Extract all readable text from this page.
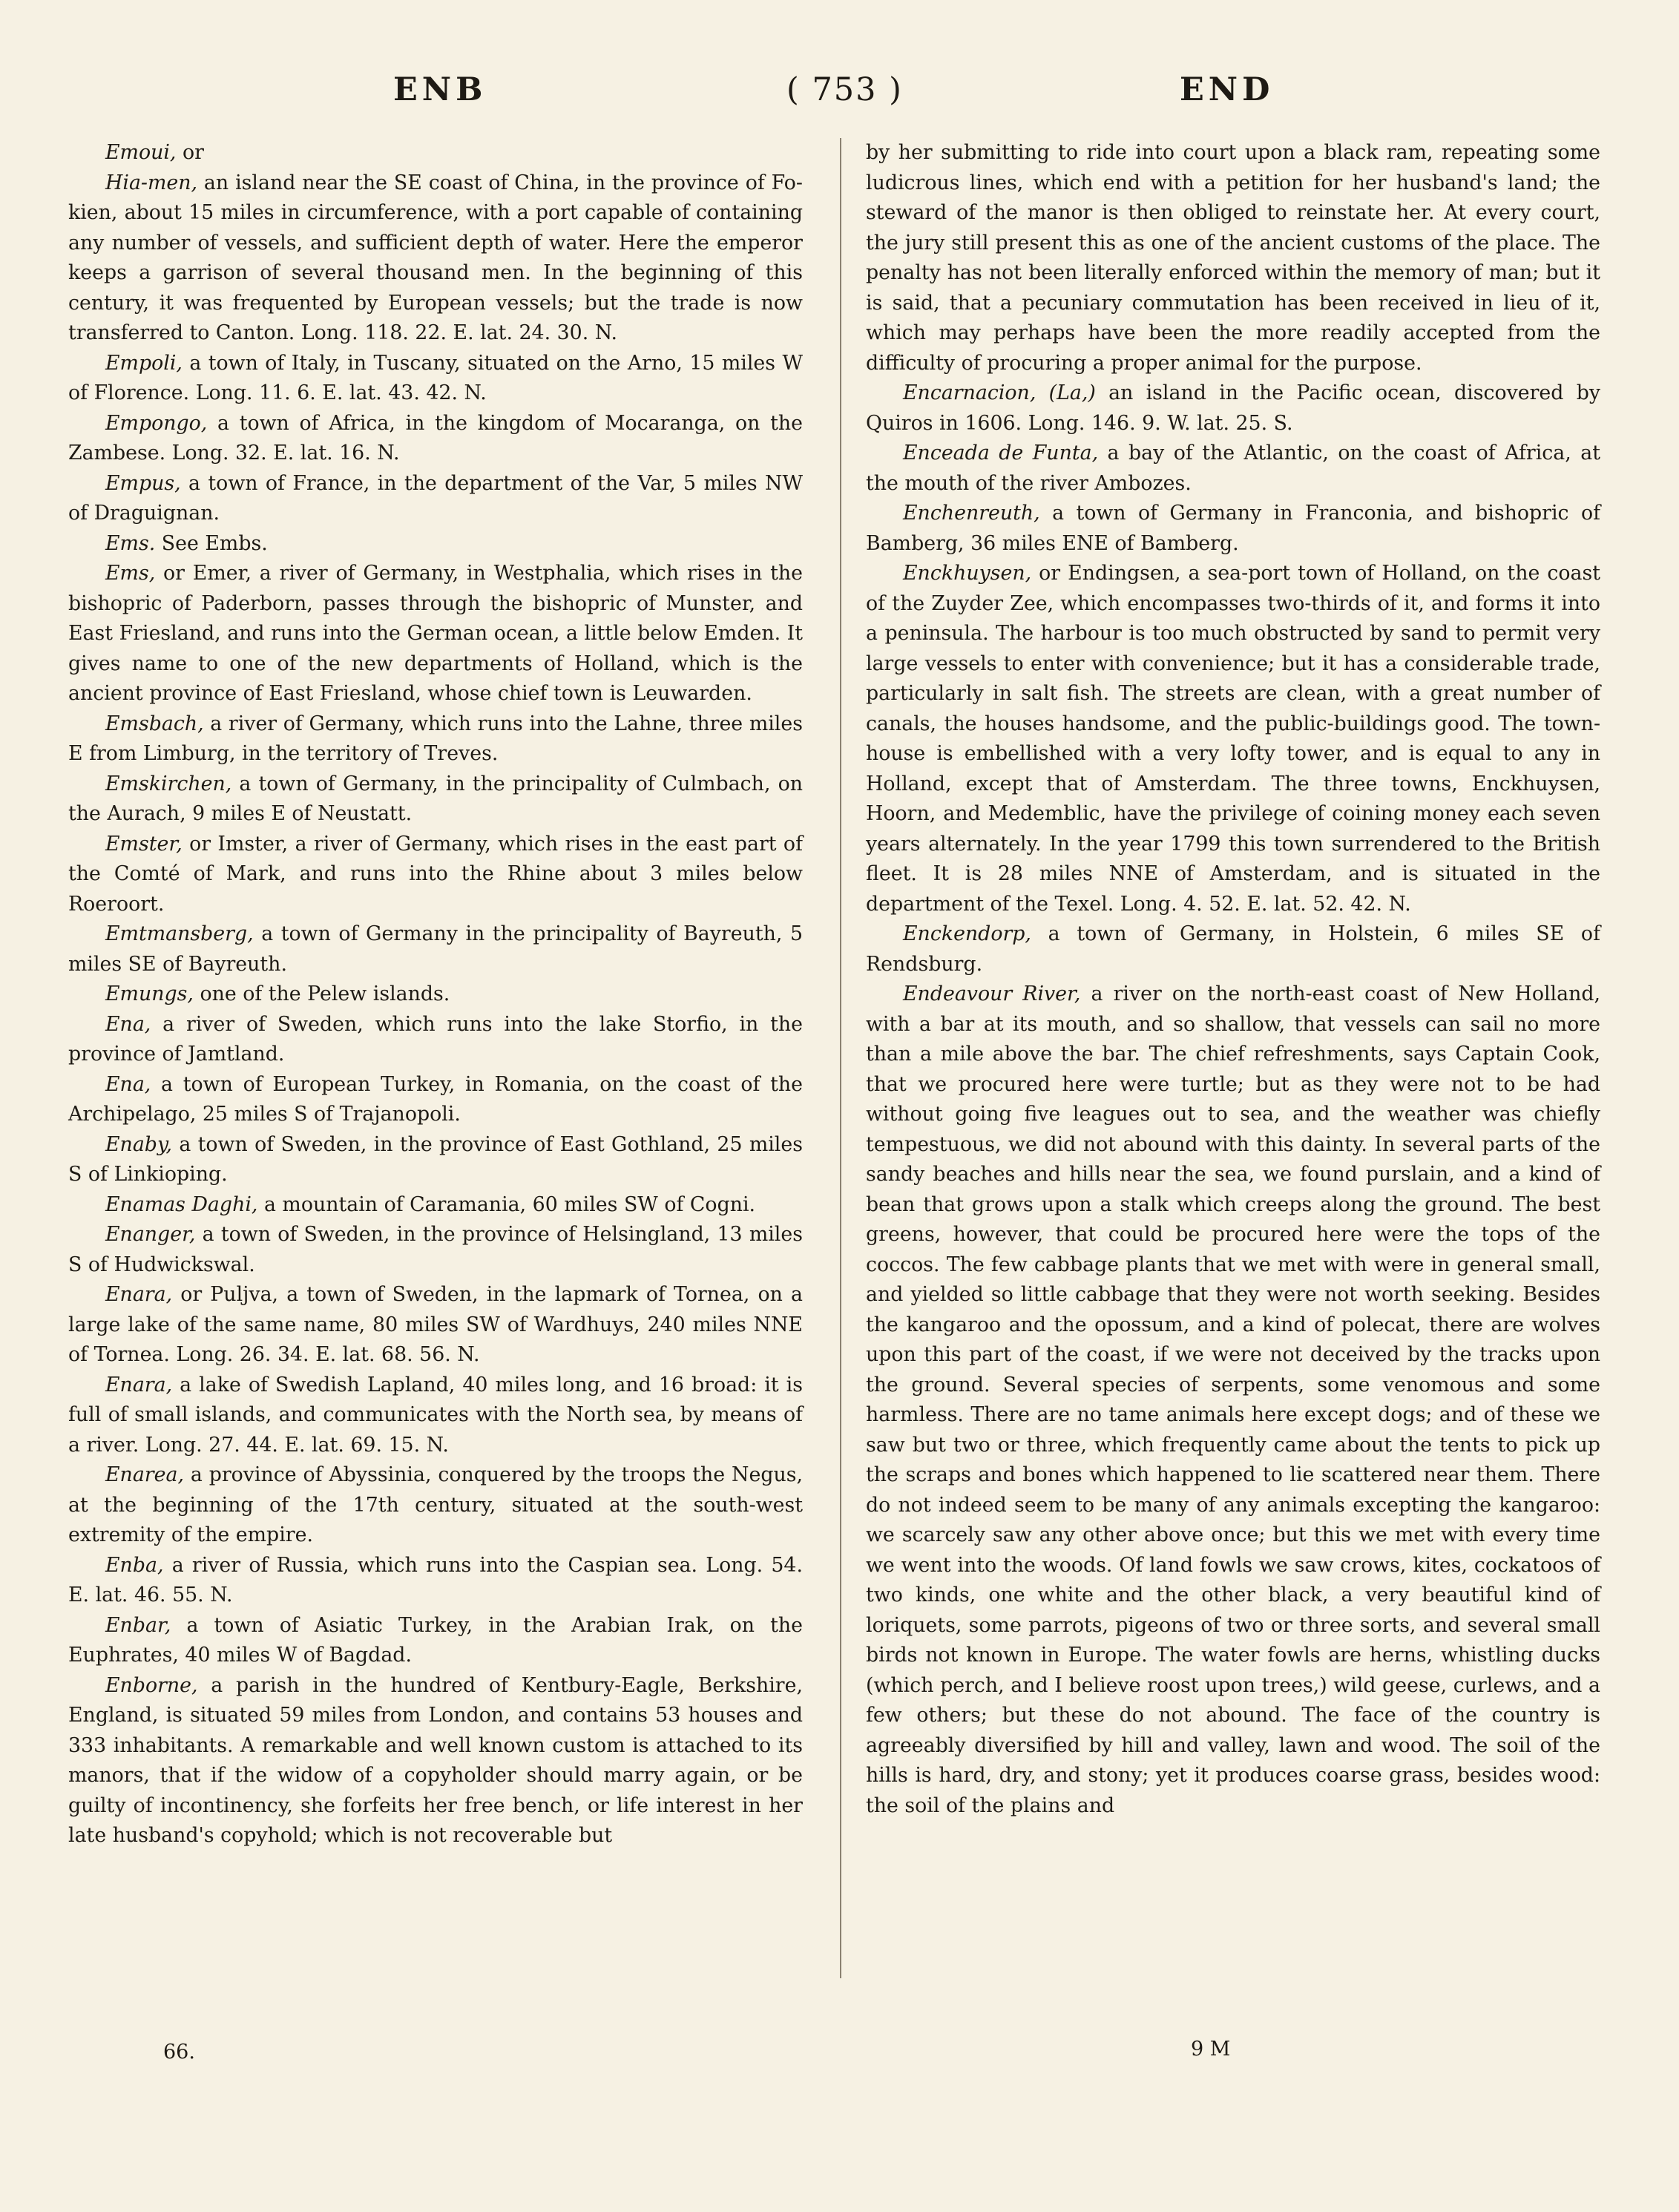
ENB	( 753 )	END

Emoui, or

Hia-men, an island near the SE coast of China, in the province of Fo-kien, about 15 miles in circumference, with a port capable of containing any number of vessels, and sufficient depth of water. Here the emperor keeps a garrison of several thousand men. In the beginning of this century, it was frequented by European vessels; but the trade is now transferred to Canton. Long. 118. 22. E. lat. 24. 30. N.

Empoli, a town of Italy, in Tuscany, situated on the Arno, 15 miles W of Florence. Long. 11. 6. E. lat. 43. 42. N.

Empongo, a town of Africa, in the kingdom of Mocaranga, on the Zambese. Long. 32. E. lat. 16. N.

Empus, a town of France, in the department of the Var, 5 miles NW of Draguignan.

Ems. See Embs.

Ems, or Emer, a river of Germany, in Westphalia, which rises in the bishopric of Paderborn, passes through the bishopric of Munster, and East Friesland, and runs into the German ocean, a little below Emden. It gives name to one of the new departments of Holland, which is the ancient province of East Friesland, whose chief town is Leuwarden.

Emsbach, a river of Germany, which runs into the Lahne, three miles E from Limburg, in the territory of Treves.

Emskirchen, a town of Germany, in the principality of Culmbach, on the Aurach, 9 miles E of Neustatt.

Emster, or Imster, a river of Germany, which rises in the east part of the Comté of Mark, and runs into the Rhine about 3 miles below Roeroort.

Emtmansberg, a town of Germany in the principality of Bayreuth, 5 miles SE of Bayreuth.

Emungs, one of the Pelew islands.

Ena, a river of Sweden, which runs into the lake Storfio, in the province of Jamtland.

Ena, a town of European Turkey, in Romania, on the coast of the Archipelago, 25 miles S of Trajanopoli.

Enaby, a town of Sweden, in the province of East Gothland, 25 miles S of Linkioping.

Enamas Daghi, a mountain of Caramania, 60 miles SW of Cogni.

Enanger, a town of Sweden, in the province of Helsingland, 13 miles S of Hudwickswal.

Enara, or Puljva, a town of Sweden, in the lapmark of Tornea, on a large lake of the same name, 80 miles SW of Wardhuys, 240 miles NNE of Tornea. Long. 26. 34. E. lat. 68. 56. N.

Enara, a lake of Swedish Lapland, 40 miles long, and 16 broad: it is full of small islands, and communicates with the North sea, by means of a river. Long. 27. 44. E. lat. 69. 15. N.

Enarea, a province of Abyssinia, conquered by the troops the Negus, at the beginning of the 17th century, situated at the south-west extremity of the empire.

Enba, a river of Russia, which runs into the Caspian sea. Long. 54. E. lat. 46. 55. N.

Enbar, a town of Asiatic Turkey, in the Arabian Irak, on the Euphrates, 40 miles W of Bagdad.

Enborne, a parish in the hundred of Kentbury-Eagle, Berkshire, England, is situated 59 miles from London, and contains 53 houses and 333 inhabitants. A remarkable and well known custom is attached to its manors, that if the widow of a copyholder should marry again, or be guilty of incontinency, she forfeits her free bench, or life interest in her late husband's copyhold; which is not recoverable but

by her submitting to ride into court upon a black ram, repeating some ludicrous lines, which end with a petition for her husband's land; the steward of the manor is then obliged to reinstate her. At every court, the jury still present this as one of the ancient customs of the place. The penalty has not been literally enforced within the memory of man; but it is said, that a pecuniary commutation has been received in lieu of it, which may perhaps have been the more readily accepted from the difficulty of procuring a proper animal for the purpose.

Encarnacion, (La,) an island in the Pacific ocean, discovered by Quiros in 1606. Long. 146. 9. W. lat. 25. S.

Enceada de Funta, a bay of the Atlantic, on the coast of Africa, at the mouth of the river Ambozes.

Enchenreuth, a town of Germany in Franconia, and bishopric of Bamberg, 36 miles ENE of Bamberg.

Enckhuysen, or Endingsen, a sea-port town of Holland, on the coast of the Zuyder Zee, which encompasses two-thirds of it, and forms it into a peninsula. The harbour is too much obstructed by sand to permit very large vessels to enter with convenience; but it has a considerable trade, particularly in salt fish. The streets are clean, with a great number of canals, the houses handsome, and the public-buildings good. The town-house is embellished with a very lofty tower, and is equal to any in Holland, except that of Amsterdam. The three towns, Enckhuysen, Hoorn, and Medemblic, have the privilege of coining money each seven years alternately. In the year 1799 this town surrendered to the British fleet. It is 28 miles NNE of Amsterdam, and is situated in the department of the Texel. Long. 4. 52. E. lat. 52. 42. N.

Enckendorp, a town of Germany, in Holstein, 6 miles SE of Rendsburg.

Endeavour River, a river on the north-east coast of New Holland, with a bar at its mouth, and so shallow, that vessels can sail no more than a mile above the bar. The chief refreshments, says Captain Cook, that we procured here were turtle; but as they were not to be had without going five leagues out to sea, and the weather was chiefly tempestuous, we did not abound with this dainty. In several parts of the sandy beaches and hills near the sea, we found purslain, and a kind of bean that grows upon a stalk which creeps along the ground. The best greens, however, that could be procured here were the tops of the coccos. The few cabbage plants that we met with were in general small, and yielded so little cabbage that they were not worth seeking. Besides the kangaroo and the opossum, and a kind of polecat, there are wolves upon this part of the coast, if we were not deceived by the tracks upon the ground. Several species of serpents, some venomous and some harmless. There are no tame animals here except dogs; and of these we saw but two or three, which frequently came about the tents to pick up the scraps and bones which happened to lie scattered near them. There do not indeed seem to be many of any animals excepting the kangaroo: we scarcely saw any other above once; but this we met with every time we went into the woods. Of land fowls we saw crows, kites, cockatoos of two kinds, one white and the other black, a very beautiful kind of loriquets, some parrots, pigeons of two or three sorts, and several small birds not known in Europe. The water fowls are herns, whistling ducks (which perch, and I believe roost upon trees,) wild geese, curlews, and a few others; but these do not abound. The face of the country is agreeably diversified by hill and valley, lawn and wood. The soil of the hills is hard, dry, and stony; yet it produces coarse grass, besides wood: the soil of the plains and

66.	9 M
